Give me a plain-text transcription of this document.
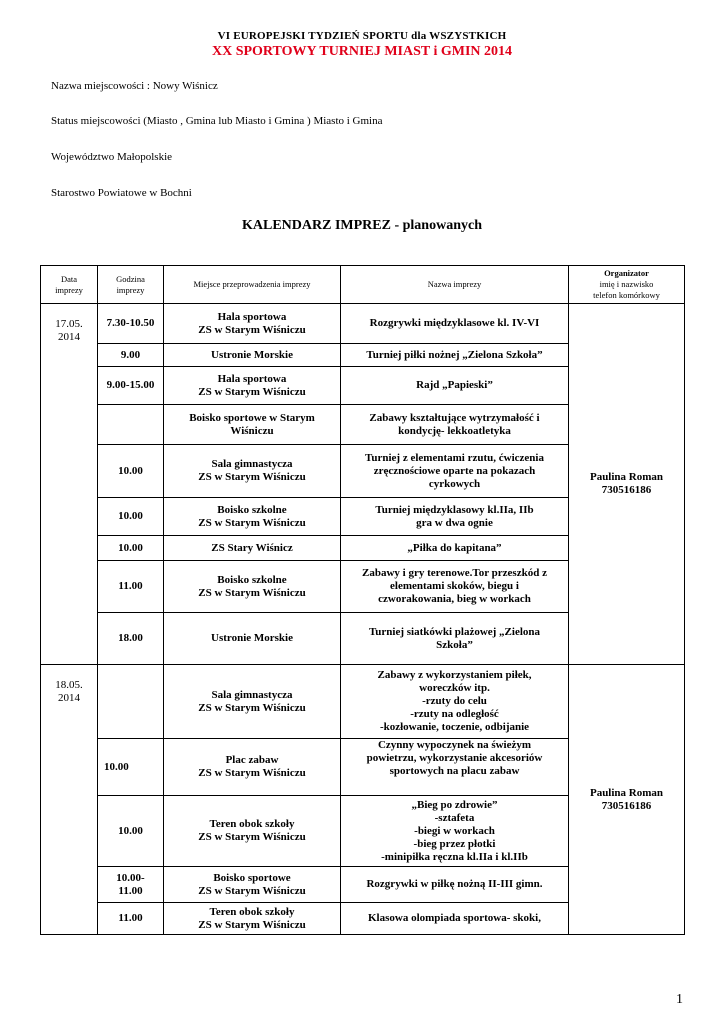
VI EUROPEJSKI TYDZIEŃ SPORTU dla WSZYSTKICH
XX SPORTOWY TURNIEJ MIAST i GMIN 2014
Nazwa miejscowości : Nowy Wiśnicz
Status miejscowości (Miasto , Gmina lub Miasto i Gmina ) Miasto i Gmina
Województwo Małopolskie
Starostwo Powiatowe w Bochni
KALENDARZ IMPREZ - planowanych
Data
imprezy	Godzina
imprezy	Miejsce przeprowadzenia imprezy	Nazwa imprezy	Organizator
imię i nazwisko
telefon komórkowy

17.05.
2014	7.30-10.50	Hala sportowa
ZS w Starym Wiśniczu	Rozgrywki międzyklasowe kl. IV-VI	Paulina Roman
730516186

	9.00	Ustronie Morskie	Turniej piłki nożnej „Zielona Szkoła”	

	9.00-15.00	Hala sportowa
ZS w Starym Wiśniczu	Rajd „Papieski”	

		Boisko sportowe w Starym
Wiśniczu	Zabawy kształtujące wytrzymałość i
kondycję- lekkoatletyka	

	10.00	Sala gimnastycza
ZS w Starym Wiśniczu	Turniej z elementami rzutu, ćwiczenia
zręcznościowe oparte na pokazach
cyrkowych	

	10.00	Boisko szkolne
ZS w Starym Wiśniczu	Turniej międzyklasowy kl.IIa, IIb
gra w dwa ognie	

	10.00	ZS Stary Wiśnicz	„Piłka do kapitana”	

	11.00	Boisko szkolne
ZS w Starym Wiśniczu	Zabawy i gry terenowe.Tor przeszkód z
elementami skoków, biegu i
czworakowania, bieg w workach	

	18.00	Ustronie Morskie	Turniej siatkówki plażowej „Zielona
Szkoła”	

18.05.
2014		Sala gimnastycza
ZS w Starym Wiśniczu	Zabawy z wykorzystaniem piłek,
woreczków itp.
-rzuty do celu
-rzuty na odległość
-kozłowanie, toczenie, odbijanie	Paulina Roman
730516186

	10.00	Plac zabaw
ZS w Starym Wiśniczu	Czynny wypoczynek na świeżym
powietrzu, wykorzystanie akcesoriów
sportowych na placu zabaw	

	10.00	Teren obok szkoły
ZS w Starym Wiśniczu	„Bieg po zdrowie”
-sztafeta
-biegi w workach
-bieg przez płotki
-minipiłka ręczna kl.IIa i kl.IIb	

	10.00-
11.00	Boisko sportowe
ZS w Starym Wiśniczu	Rozgrywki w piłkę nożną II-III gimn.	

	11.00	Teren obok szkoły
ZS w Starym Wiśniczu	Klasowa olompiada sportowa- skoki,	
1
